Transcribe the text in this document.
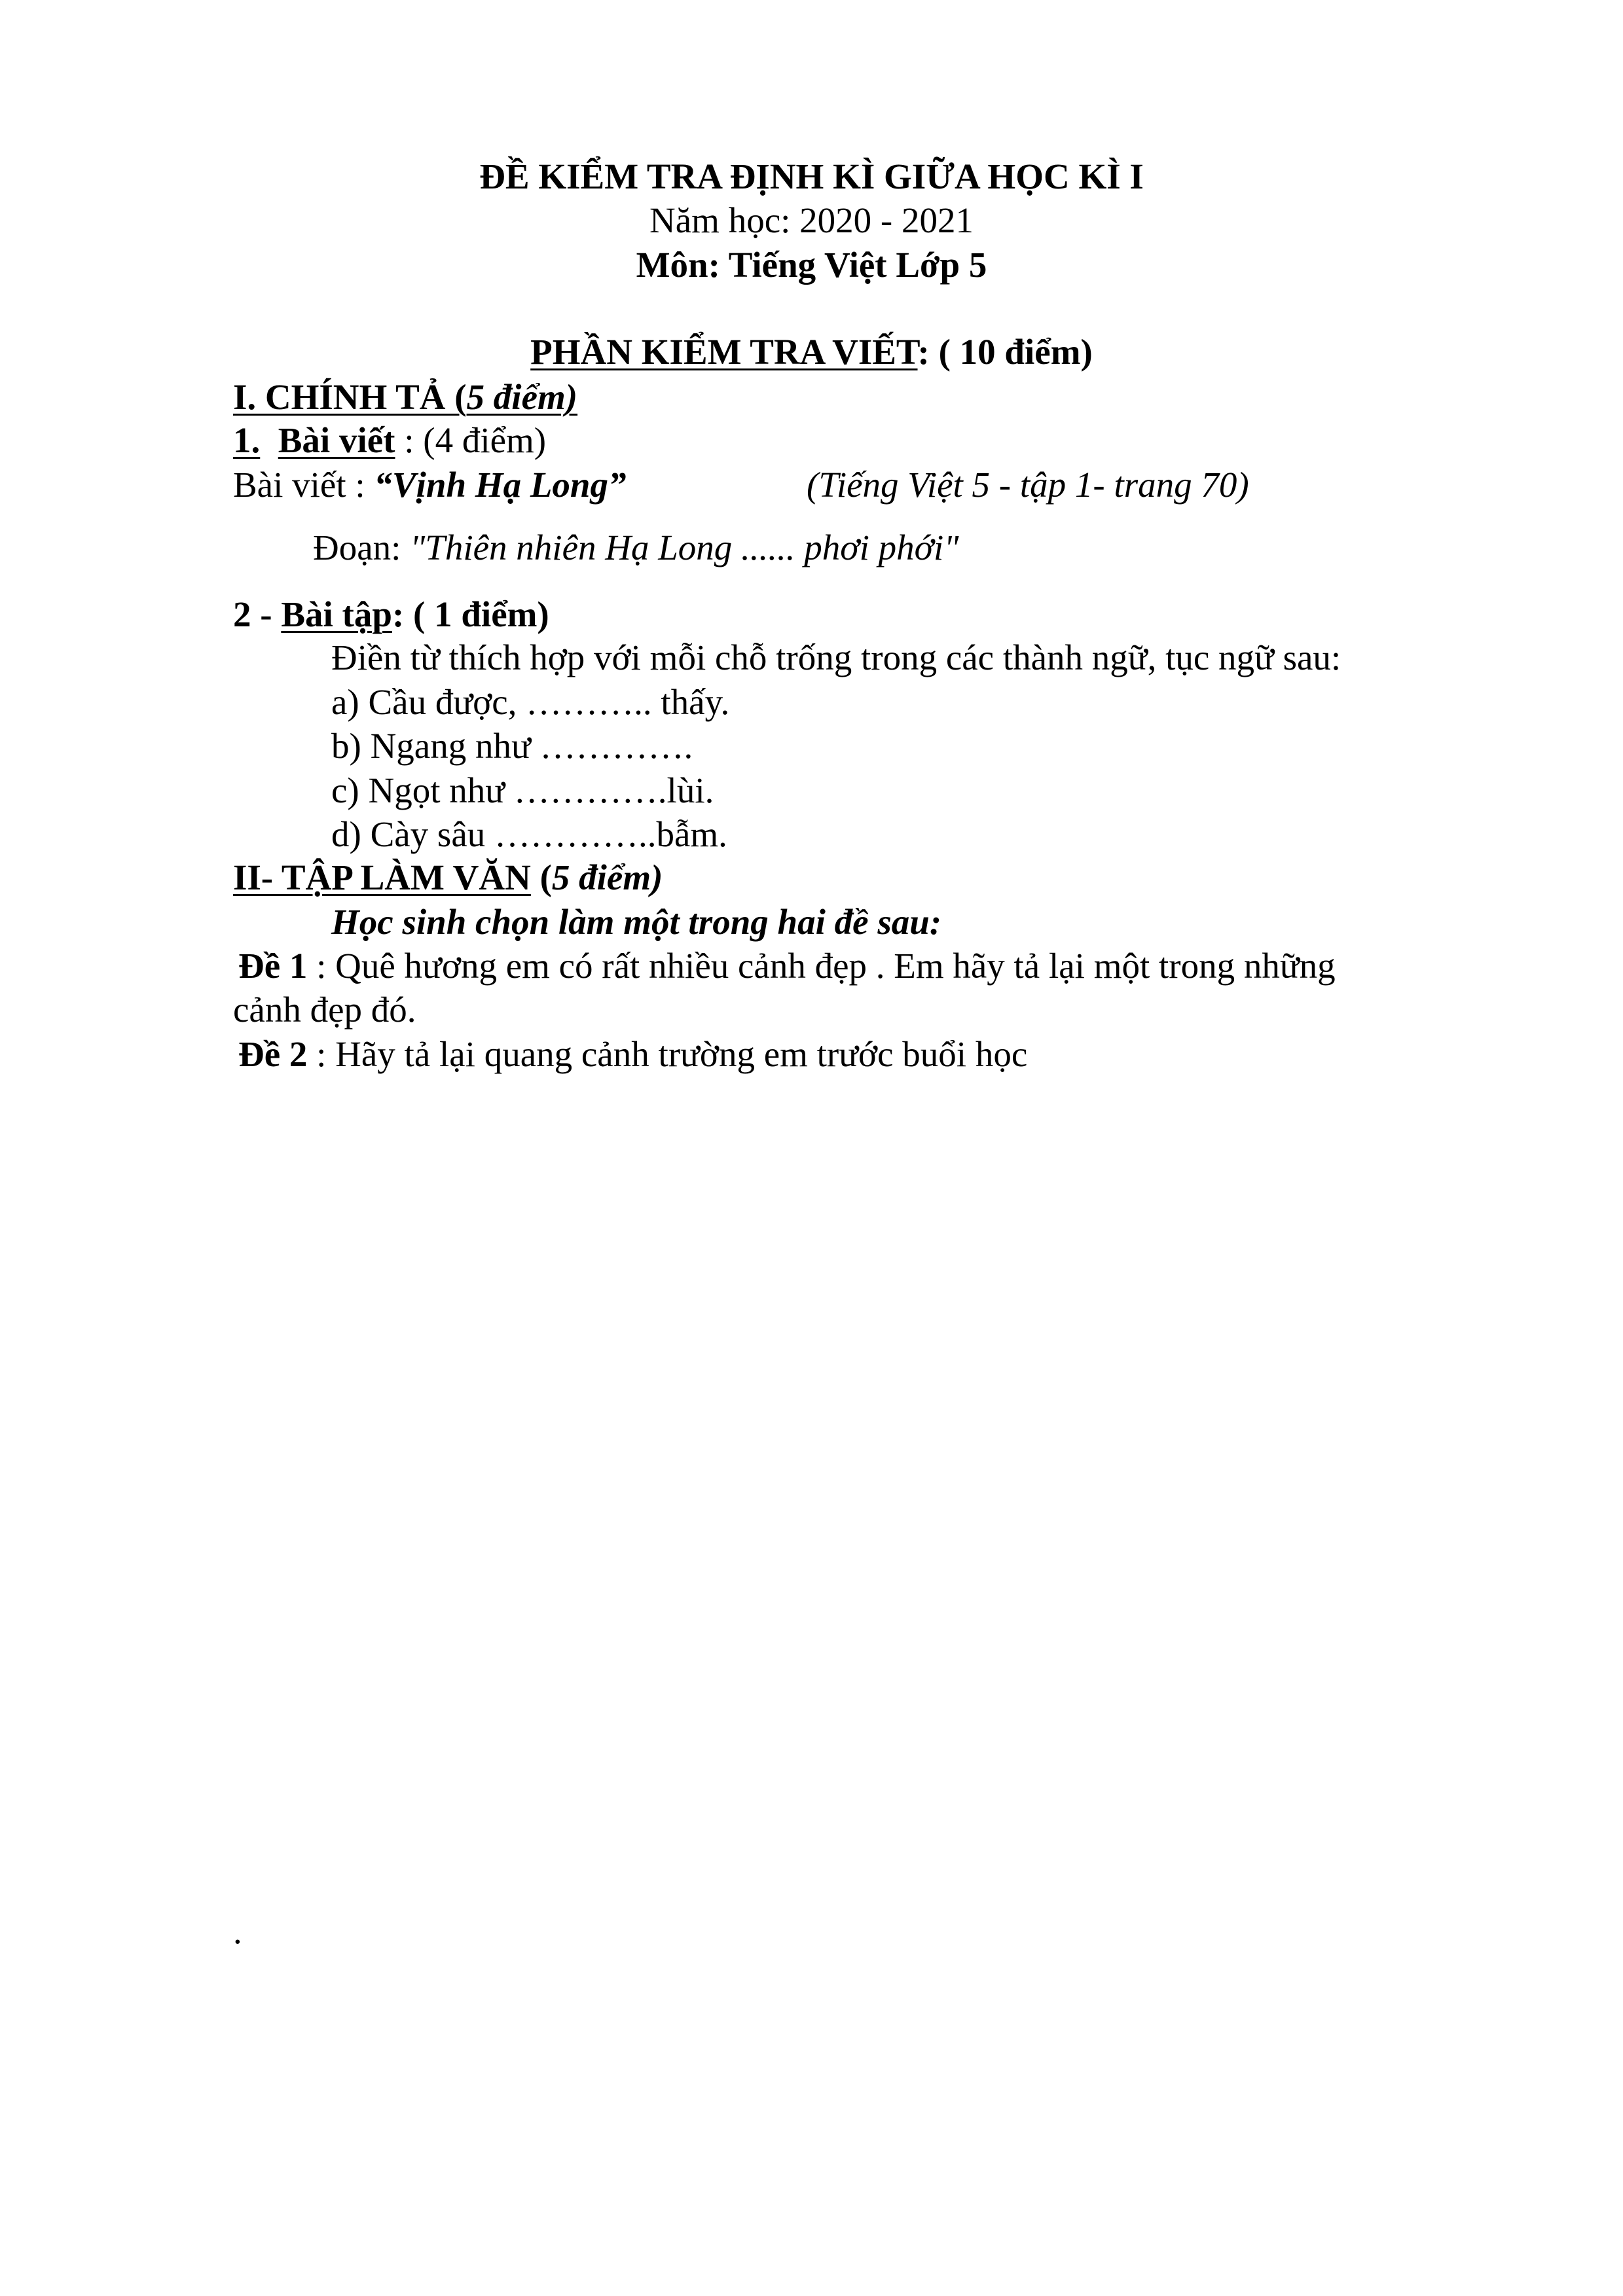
ĐỀ KIỂM TRA ĐỊNH KÌ GIỮA HỌC KÌ I
Năm học: 2020 - 2021
Môn: Tiếng Việt Lớp 5
PHẦN KIỂM TRA VIẾT: ( 10 điểm)
I. CHÍNH TẢ (5 điểm)
1. Bài viết : (4 điểm)
Bài viết : “Vịnh Hạ Long”	(Tiếng Việt 5 - tập 1- trang 70)
Đoạn: "Thiên nhiên Hạ Long ...... phơi phới"
2 - Bài tập: ( 1 điểm)
Điền từ thích hợp với mỗi chỗ trống trong các thành ngữ, tục ngữ sau:
a) Cầu được, ……….. thấy.
b) Ngang như ………….
c) Ngọt như ………….lùi.
d) Cày sâu …………..bẫm.
II- TẬP LÀM VĂN (5 điểm)
Học sinh chọn làm một trong hai đề sau:
Đề 1 : Quê hương em có rất nhiều cảnh đẹp . Em hãy tả lại một trong những
cảnh đẹp đó.
Đề 2 : Hãy tả lại quang cảnh trường em trước buổi học
.
